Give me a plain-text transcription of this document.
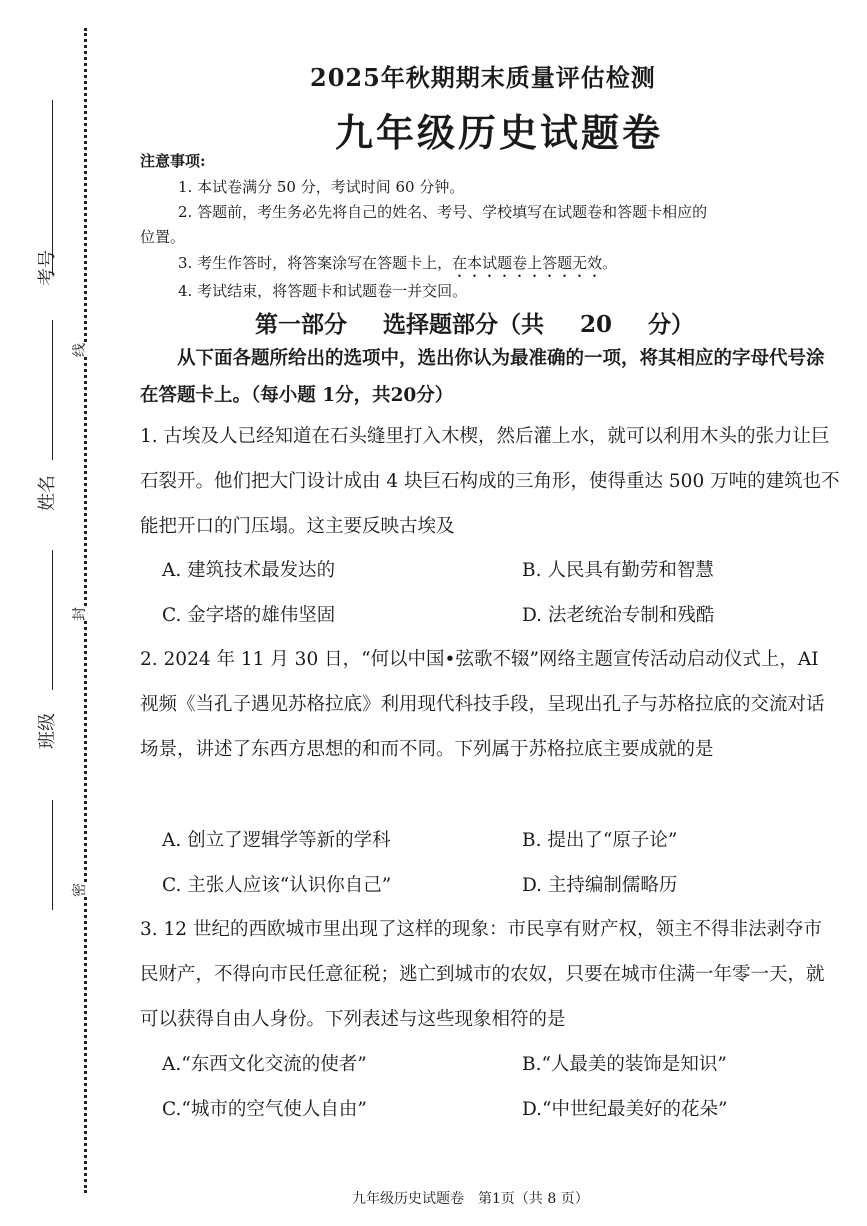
考号
姓名
班级
线
封
密
2025年秋期期末质量评估检测
九年级历史试题卷
注意事项:
1. 本试卷满分 50 分，考试时间 60 分钟。
2. 答题前，考生务必先将自己的姓名、考号、学校填写在试题卷和答题卡相应的
位置。
3. 考生作答时，将答案涂写在答题卡上，在本试题卷上答题无效。
4. 考试结束，将答题卡和试题卷一并交回。
第一部分 选择题部分（共 20 分）
从下面各题所给出的选项中，选出你认为最准确的一项，将其相应的字母代号涂在答题卡上。（每小题 1分，共20分）
1. 古埃及人已经知道在石头缝里打入木楔，然后灌上水，就可以利用木头的张力让巨石裂开。他们把大门设计成由 4 块巨石构成的三角形，使得重达 500 万吨的建筑也不能把开口的门压塌。这主要反映古埃及
A. 建筑技术最发达的	B. 人民具有勤劳和智慧
C. 金字塔的雄伟坚固	D. 法老统治专制和残酷
2. 2024 年 11 月 30 日，“何以中国•弦歌不辍”网络主题宣传活动启动仪式上，AI 视频《当孔子遇见苏格拉底》利用现代科技手段，呈现出孔子与苏格拉底的交流对话场景，讲述了东西方思想的和而不同。下列属于苏格拉底主要成就的是
A. 创立了逻辑学等新的学科	B. 提出了“原子论”
C. 主张人应该“认识你自己”	D. 主持编制儒略历
3. 12 世纪的西欧城市里出现了这样的现象：市民享有财产权，领主不得非法剥夺市民财产，不得向市民任意征税；逃亡到城市的农奴，只要在城市住满一年零一天，就可以获得自由人身份。下列表述与这些现象相符的是
A.“东西文化交流的使者”	B.“人最美的装饰是知识”
C.“城市的空气使人自由”	D.“中世纪最美好的花朵”
九年级历史试题卷　第1页（共 8 页）
